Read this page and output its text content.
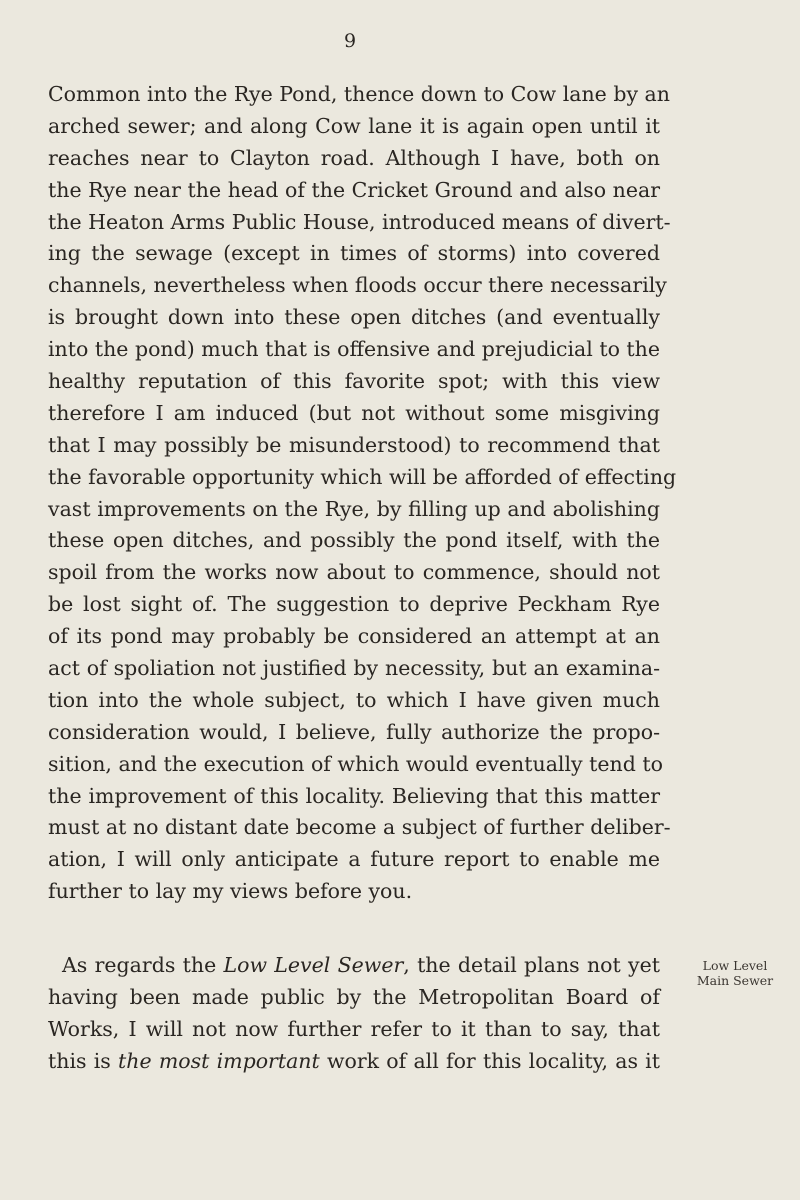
9
Common into the Rye Pond, thence down to Cow lane by an
arched sewer; and along Cow lane it is again open until it
reaches near to Clayton road. Although I have, both on
the Rye near the head of the Cricket Ground and also near
the Heaton Arms Public House, introduced means of divert-
ing the sewage (except in times of storms) into covered
channels, nevertheless when floods occur there necessarily
is brought down into these open ditches (and eventually
into the pond) much that is offensive and prejudicial to the
healthy reputation of this favorite spot; with this view
therefore I am induced (but not without some misgiving
that I may possibly be misunderstood) to recommend that
the favorable opportunity which will be afforded of effecting
vast improvements on the Rye, by filling up and abolishing
these open ditches, and possibly the pond itself, with the
spoil from the works now about to commence, should not
be lost sight of. The suggestion to deprive Peckham Rye
of its pond may probably be considered an attempt at an
act of spoliation not justified by necessity, but an examina-
tion into the whole subject, to which I have given much
consideration would, I believe, fully authorize the propo-
sition, and the execution of which would eventually tend to
the improvement of this locality. Believing that this matter
must at no distant date become a subject of further deliber-
ation, I will only anticipate a future report to enable me
further to lay my views before you.
As regards the Low Level Sewer, the detail plans not yet
having been made public by the Metropolitan Board of
Works, I will not now further refer to it than to say, that
this is the most important work of all for this locality, as it
Low Level
Main Sewer
